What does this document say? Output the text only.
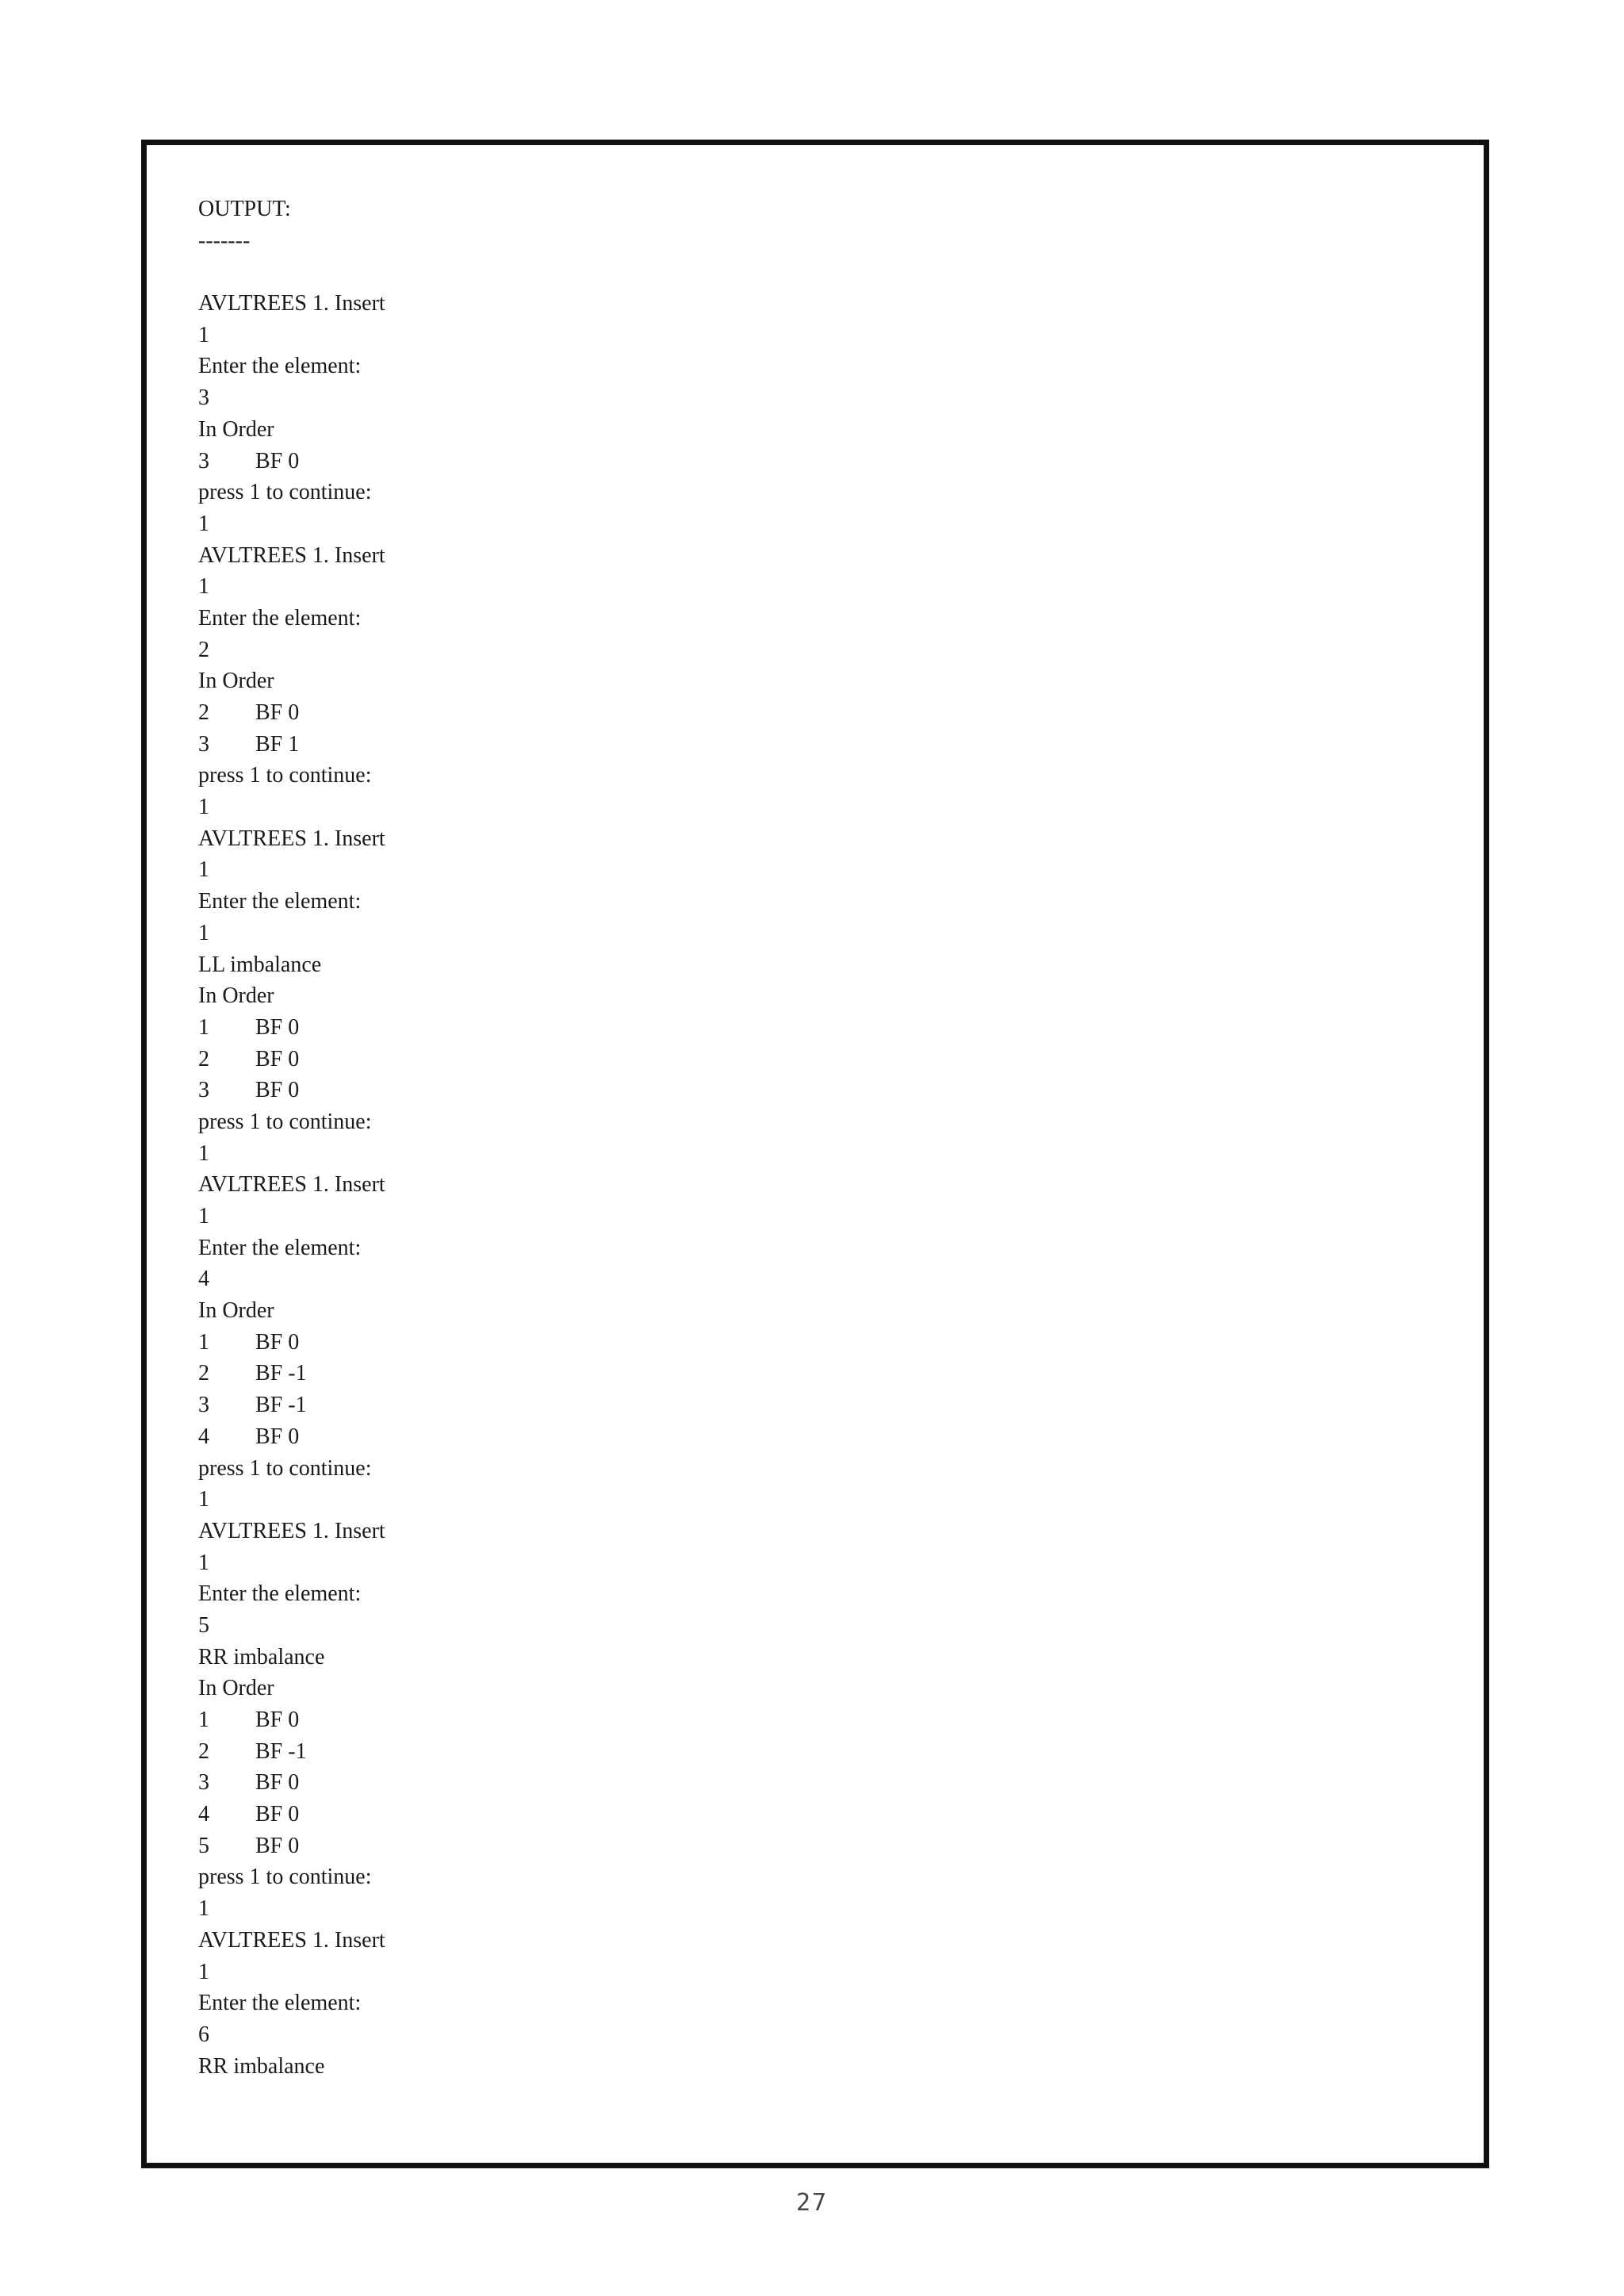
OUTPUT:
-------
AVLTREES 1. Insert
1
Enter the element:
3
In Order
3 BF 0
press 1 to continue:
1
AVLTREES 1. Insert
1
Enter the element:
2
In Order
2 BF 0
3 BF 1
press 1 to continue:
1
AVLTREES 1. Insert
1
Enter the element:
1
LL imbalance
In Order
1 BF 0
2 BF 0
3 BF 0
press 1 to continue:
1
AVLTREES 1. Insert
1
Enter the element:
4
In Order
1 BF 0
2 BF -1
3 BF -1
4 BF 0
press 1 to continue:
1
AVLTREES 1. Insert
1
Enter the element:
5
RR imbalance
In Order
1 BF 0
2 BF -1
3 BF 0
4 BF 0
5 BF 0
press 1 to continue:
1
AVLTREES 1. Insert
1
Enter the element:
6
RR imbalance
27
